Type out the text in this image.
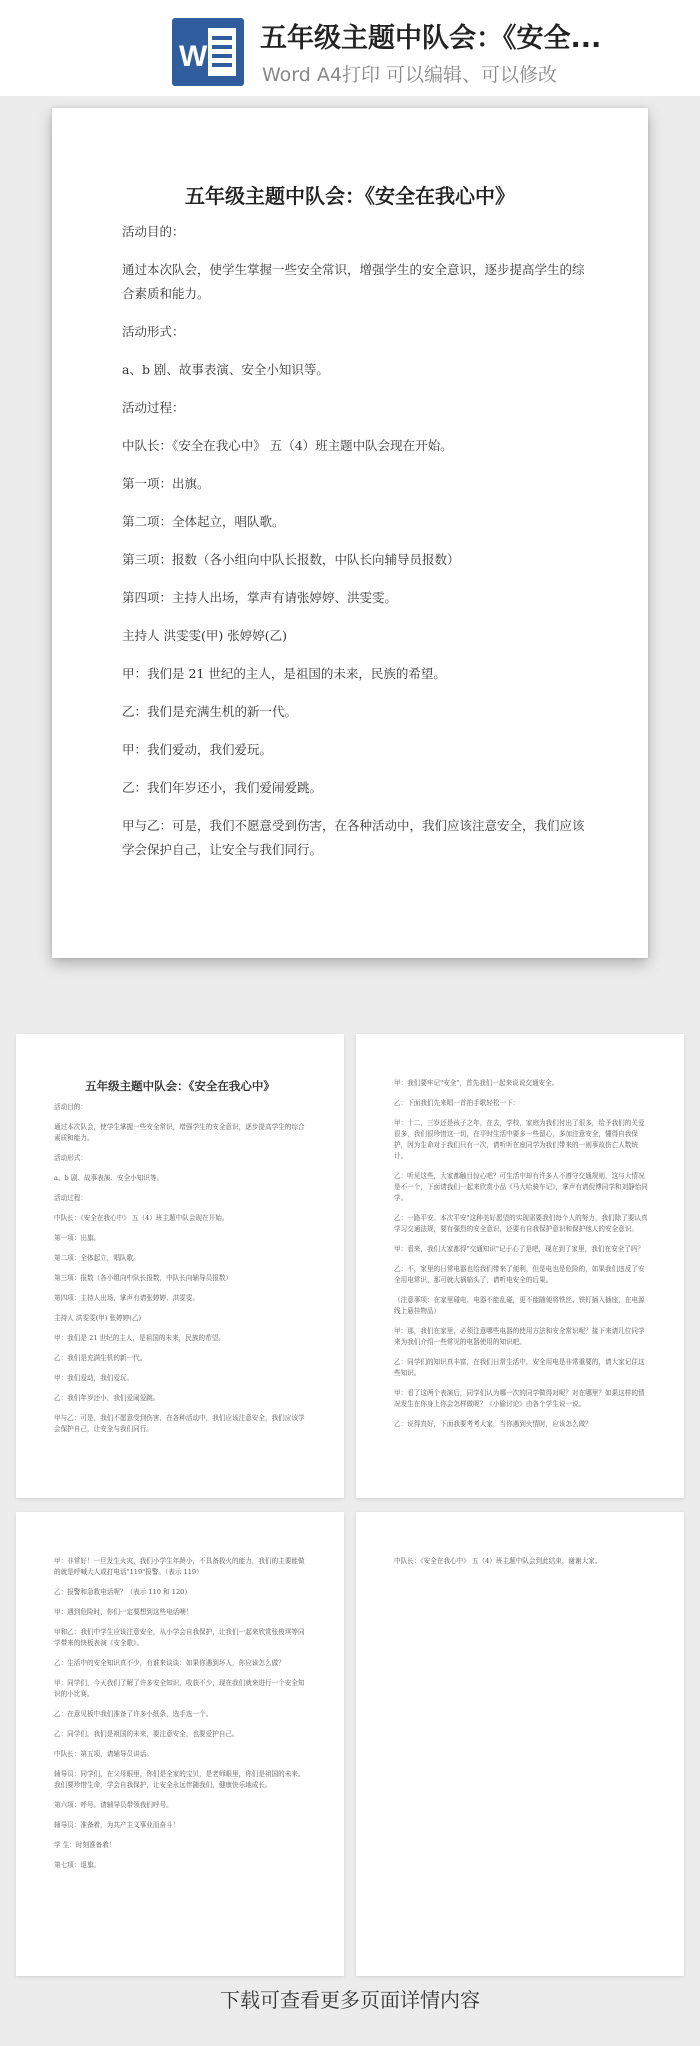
W
五年级主题中队会：《安全...
Word A4打印 可以编辑、可以修改
五年级主题中队会：《安全在我心中》

活动目的：

通过本次队会，使学生掌握一些安全常识，增强学生的安全意识，逐步提高学生的综合素质和能力。

活动形式：

a、b 剧、故事表演、安全小知识等。

活动过程：

中队长：《安全在我心中》 五（4）班主题中队会现在开始。

第一项：出旗。

第二项：全体起立，唱队歌。

第三项：报数（各小组向中队长报数，中队长向辅导员报数）

第四项：主持人出场，掌声有请张婷婷、洪雯雯。

主持人 洪雯雯(甲) 张婷婷(乙)

甲：我们是 21 世纪的主人，是祖国的未来，民族的希望。

乙：我们是充满生机的新一代。

甲：我们爱动，我们爱玩。

乙：我们年岁还小，我们爱闹爱跳。

甲与乙：可是，我们不愿意受到伤害，在各种活动中，我们应该注意安全，我们应该学会保护自己，让安全与我们同行。

五年级主题中队会：《安全在我心中》

活动目的：

通过本次队会，使学生掌握一些安全常识，增强学生的安全意识，逐步提高学生的综合素质和能力。

活动形式：

a、b 剧、故事表演、安全小知识等。

活动过程：

中队长：《安全在我心中》 五（4）班主题中队会现在开始。

第一项：出旗。

第二项：全体起立，唱队歌。

第三项：报数（各小组向中队长报数，中队长向辅导员报数）

第四项：主持人出场，掌声有请张婷婷、洪雯雯。

主持人 洪雯雯(甲) 张婷婷(乙)

甲：我们是 21 世纪的主人，是祖国的未来，民族的希望。

乙：我们是充满生机的新一代。

甲：我们爱动，我们爱玩。

乙：我们年岁还小，我们爱闹爱跳。

甲与乙：可是，我们不愿意受到伤害，在各种活动中，我们应该注意安全，我们应该学会保护自己，让安全与我们同行。

甲：我们要牢记"安全"，首先我们一起来说说交通安全。

乙：下面我们先来唱一首拍手歌轻松一下：

甲：十二，三岁还是孩子之年，在去，学校，家庭为我们付出了很多，给予我们的关爱很多，我们很珍惜这一切，在平时生活中要多一些留心，多加注意安全，懂得自我保护，因为生命对于我们只有一次，请听听在座同学为我们带来的一则事故伤亡人数统计。

乙：听见这些，大家都触目惊心吧？可生活中却有许多人不遵守交通规则，这与大情况是不一个，下面请我们一起来欣赏小品《马大哈骑车记》，掌声有请倪博同学和刘静怡同学。

乙：一路平安。本次平安"这种美好愿望的实现需要我们每个人的努力，我们除了要认真学习交通法规，要有强烈的安全意识，还要有自我保护意识和保护他人的安全意识。

甲：看来，我们大家都得"交通知识"记于心了是吧，现在到了家里，我们在安全了吗？

乙：不，家里的日常电器也给我们带来了便利，但是电也是危险的，如果我们违反了安全用电常识，那可就大祸临头了，请听电安全的后果。

（注意事项：在家里碰电、电器不能乱碰，更不能随便将铁丝、铁钉插入插座，在电源线上悬挂物品）

甲：那，我们在家里，必须注意哪些电器的使用方法和安全常识呢？接下来请几位同学来为我们介绍一些常见的电器使用的知识吧。

乙：同学们的知识真丰富，在我们日常生活中，安全用电是非常重要的，请大家记住这些知识。

甲：看了这两个表演后，同学们认为哪一次的同学做得对呢？对在哪里？如果这样的情况发生在你身上你会怎样做呢？《小偷讨论》由各个学生说一说。

乙：说得真好，下面我要考考大家，当你遇到火情时，应该怎么做？

甲：非常好！一旦发生火灾，我们小学生年龄小，不具备救火的能力，我们的主要能做的就是呼喊大人或打电话"119"报警。（表示 119）

乙：报警和急救电话呢？（表示 110 和 120）

甲：遇到危险时，你们一定要想到这些电话噢！

甲和乙：我们中学生应该注意安全，从小学会自我保护，让我们一起来欣赏张俊琪等同学带来的快板表演《安全歌》。

乙：生活中的安全知识真不少，有谁来谈谈：如果你遇到坏人，你应该怎么做？

甲：同学们，今天我们了解了许多安全知识，收获不少，现在我们就来进行一个安全知识的小比赛。

乙：在意见板中我们准备了许多小纸条，选手选一个。

乙：同学们，我们是祖国的未来，要注意安全，也要爱护自己。

中队长：第五项，请辅导员讲话。

辅导员：同学们，在父母眼里，你们是全家的宝贝，是老师眼里，你们是祖国的未来。我们要珍惜生命，学会自我保护，让安全永远伴随我们，健康快乐地成长。

第六项：呼号。请辅导员带领我们呼号。

辅导员：准备着，为共产主义事业而奋斗！

学 生：时刻准备着！

第七项：退旗。

中队长：《安全在我心中》 五（4）班主题中队会到此结束，谢谢大家。

下载可查看更多页面详情内容
